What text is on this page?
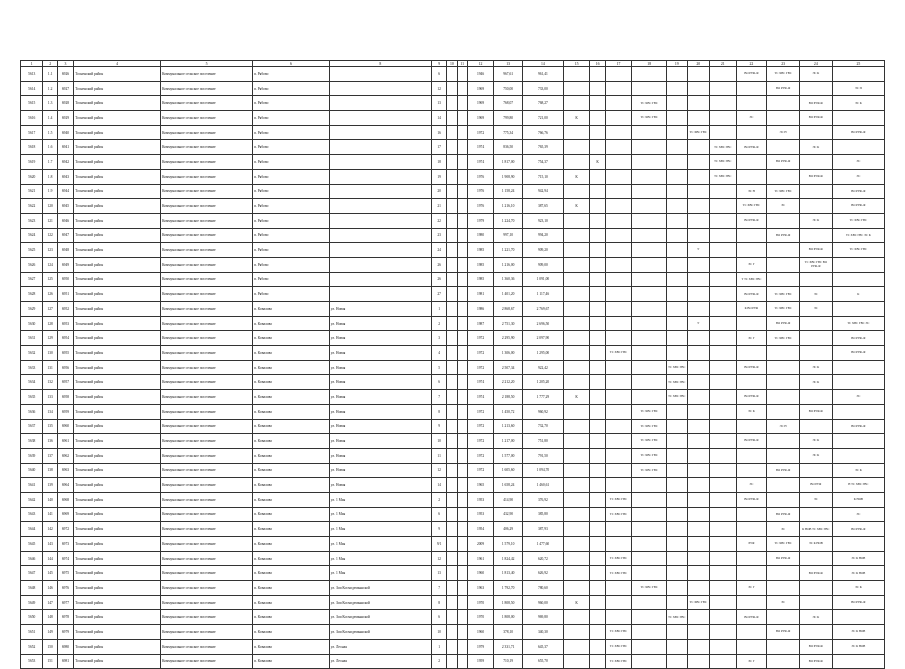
1	2	3	4	5	6		8	9	10	11	12	13	14	15	16	17	18	19	20	21	22	23	24	25
5613	1.1	6926	Тосненский район	Коммунальное сельское поселение	п. Рябово			6			1946	967,61	961,41								ВО РУФ-Ф	ТС ХВС ГВС	ЭС К	
5614	1.2	6927	Тосненский район	Коммунальное сельское поселение	п. Рябово			12			1969	750,00	733,00									ВО РУФ-Ф		ЭС П
5615	1.3	6928	Тосненский район	Коммунальное сельское поселение	п. Рябово			13			1969	768,07	768,27				ТС ХВС ГВС						ВО РУФ-Ф	ЭС К
5616	1.4	6929	Тосненский район	Коммунальное сельское поселение	п. Рябово			14			1969	799,80	721,00	К			ТС ХВС ГВС				ЭС		ВО РУФ-Ф	
5617	1.5	6940	Тосненский район	Коммунальное сельское поселение	п. Рябово			16			1972	775,34	766,76						ТС ХВС ГВС			ЭС Н		ВО РУФ-Ф
5618	1.6	6941	Тосненский район	Коммунальное сельское поселение	п. Рябово			17			1974	836,50	765,39							ТС ХВС ГВС	ВО РУФ-Ф		ЭС К	
5619	1.7	6942	Тосненский район	Коммунальное сельское поселение	п. Рябово			18			1974	1 817,00	754,37		К					ТС ХВС ГВС		ВО РУФ-Ф		ЭС
5620	1.8	6943	Тосненский район	Коммунальное сельское поселение	п. Рябово			19			1976	1 908,90	715,10	К						ТС ХВС ГВС			ВО РУФ-Ф	ЭС
5621	1.9	6944	Тосненский район	Коммунальное сельское поселение	п. Рябово			20			1976	1 158,24	942,94								ЭС Н	ТС ХВС ГВС		ВО РУФ-Ф
5622	120	6945	Тосненский район	Коммунальное сельское поселение	п. Рябово			21			1976	1 216,10	387,65	К							ТС ХВС ГВС	ЭС		ВО РУФ-Ф
5623	121	6946	Тосненский район	Коммунальное сельское поселение	п. Рябово			22			1979	1 224,70	923,10								ВО РУФ-Ф		ЭС К	ТС ХВС ГВС
5624	122	6947	Тосненский район	Коммунальное сельское поселение	п. Рябово			23			1980	997,10	994,20									ВО РУФ-Ф		ТС ХВС ГВС ЭС К
5625	123	6948	Тосненский район	Коммунальное сельское поселение	п. Рябово			24			1985	1 221,70	909,20						У				ВО РУФ-Ф	ТС ХВС ГВС
5626	124	6949	Тосненский район	Коммунальное сельское поселение	п. Рябово			26			1985	1 216,00	909,00								ЭС Г		ТС ХВС ГВС ВО РУФ-Ф	
5627	125	6950	Тосненский район	Коммунальное сельское поселение	п. Рябово			26			1985	1 360,36	1 091,00								Т ТС ХВС ГВС			
5628	126	6951	Тосненский район	Коммунальное сельское поселение	п. Рябово			27			1981	1 401,20	1 117,46								ВО РУФ-Ф	ТС ХВС ГВС	ЭС	К
5629	127	6952	Тосненский район	Коммунальное сельское поселение	п. Ковалово		ул. Новая	1			1986	2 868,67	2 769,67								К ВО РУФ	ТС ХВС ГВС	ЭС	
5630	128	6953	Тосненский район	Коммунальное сельское поселение	п. Ковалово		ул. Новая	2			1987	2 751,30	2 696,50						У			ВО РУФ-Ф		ТС ХВС ГВС ЭС
5631	129	6954	Тосненский район	Коммунальное сельское поселение	п. Ковалово		ул. Новая	3			1972	2 295,90	2 097,90								ЭС Г	ТС ХВС ГВС		ВО РУФ-Ф
5632	130	6955	Тосненский район	Коммунальное сельское поселение	п. Ковалово		ул. Новая	4			1972	1 306,00	1 295,00			ТС ХВС ГВС								ВО РУФ-Ф
5633	131	6956	Тосненский район	Коммунальное сельское поселение	п. Ковалово		ул. Новая	5			1972	2 507,34	922,42					ТС ХВС ГВС			ВО РУФ-Ф		ЭС К	
5634	132	6957	Тосненский район	Коммунальное сельское поселение	п. Ковалово		ул. Новая	6			1974	2 212,20	1 205,20					ТС ХВС ГВС					ЭС К	
5635	133	6958	Тосненский район	Коммунальное сельское поселение	п. Ковалово		ул. Новая	7			1974	2 188,50	1 777,29	К				ТС ХВС ГВС			ВО РУФ-Ф			ЭС
5636	134	6959	Тосненский район	Коммунальное сельское поселение	п. Ковалово		ул. Новая	8			1972	1 450,72	960,92				ТС ХВС ГВС				ЭС К		ВО РУФ-Ф	
5637	135	6960	Тосненский район	Коммунальное сельское поселение	п. Ковалово		ул. Новая	9			1972	1 213,60	732,70				ТС ХВС ГВС					ЭС Н		ВО РУФ-Ф
5638	136	6961	Тосненский район	Коммунальное сельское поселение	п. Ковалово		ул. Новая	10			1972	1 217,00	751,80				ТС ХВС ГВС				ВО РУФ-Ф		ЭС К	
5639	137	6962	Тосненский район	Коммунальное сельское поселение	п. Ковалово		ул. Новая	11			1972	1 577,00	791,50				ТС ХВС ГВС						ЭС К	
5640	138	6963	Тосненский район	Коммунальное сельское поселение	п. Ковалово		ул. Новая	12			1972	1 605,60	1 094,70				ТС ХВС ГВС					ВО РУФ-Ф		ЭС К
5641	139	6964	Тосненский район	Коммунальное сельское поселение	п. Ковалово		ул. Новая	14			1965	1 658,24	1 460,61								ЭС		ВО РУФ	Н ТС ХВС ГВС
5642	140	6968	Тосненский район	Коммунальное сельское поселение	п. Ковалово		ул. 1 Мая	2			1953	414,90	376,92			ТС ХВС ГВС					ВО РУФ-Ф		ЭС	К НОВ
5643	141	6969	Тосненский район	Коммунальное сельское поселение	п. Ковалово		ул. 1 Мая	6			1953	432,90	385,80			ТС ХВС ГВС						ВО РУФ-Ф		ЭС
5644	142	6972	Тосненский район	Коммунальное сельское поселение	п. Ковалово		ул. 1 Мая	9			1954	406,29	387,93									ЭС	К НОВ ТС ХВС ГВС	ВО РУФ-Ф
5645	143	6973	Тосненский район	Коммунальное сельское поселение	п. Ковалово		ул. 1 Мая	9/1			2009	1 579,10	1 477,60								РУФ	ТС ХВС ГВС	ЭС К НОВ	
5646	144	6974	Тосненский район	Коммунальное сельское поселение	п. Ковалово		ул. 1 Мая	12			1961	1 824,42	620,72			ТС ХВС ГВС						ВО РУФ-Ф		ЭС К НОВ
5647	145	6975	Тосненский район	Коммунальное сельское поселение	п. Ковалово		ул. 1 Мая	13			1960	1 813,40	626,92			ТС ХВС ГВС							ВО РУФ-Ф	ЭС К НОВ
5648	146	6976	Тосненский район	Коммунальное сельское поселение	п. Ковалово		ул. Зои Космодемьянской	7			1963	1 792,70	780,60				ТС ХВС ГВС				ЭС Г			ЭС К
5649	147	6977	Тосненский район	Коммунальное сельское поселение	п. Ковалово		ул. Зои Космодемьянской	8			1970	1 808,50	960,00	К					ТС ХВС ГВС			ЭС		ВО РУФ-Ф
5650	148	6978	Тосненский район	Коммунальное сельское поселение	п. Ковалово		ул. Зои Космодемьянской	6			1970	1 808,00	969,80					ТС ХВС ГВС			ВО РУФ-Ф		ЭС К	
5651	149	6979	Тосненский район	Коммунальное сельское поселение	п. Ковалово		ул. Зои Космодемьянской	10			1960	378,10	340,30			ТС ХВС ГВС						ВО РУФ-Ф		ЭС К НОВ
5652	150	6980	Тосненский район	Коммунальное сельское поселение	п. Ковалово		ул. Лесная	1			1979	2 331,71	645,37			ТС ХВС ГВС							ВО РУФ-Ф	ЭС К НОВ
5653	151	6981	Тосненский район	Коммунальное сельское поселение	п. Ковалово		ул. Лесная	2			1959	710,19	655,70			ТС ХВС ГВС					ЭС Г		ВО РУФ-Ф	
